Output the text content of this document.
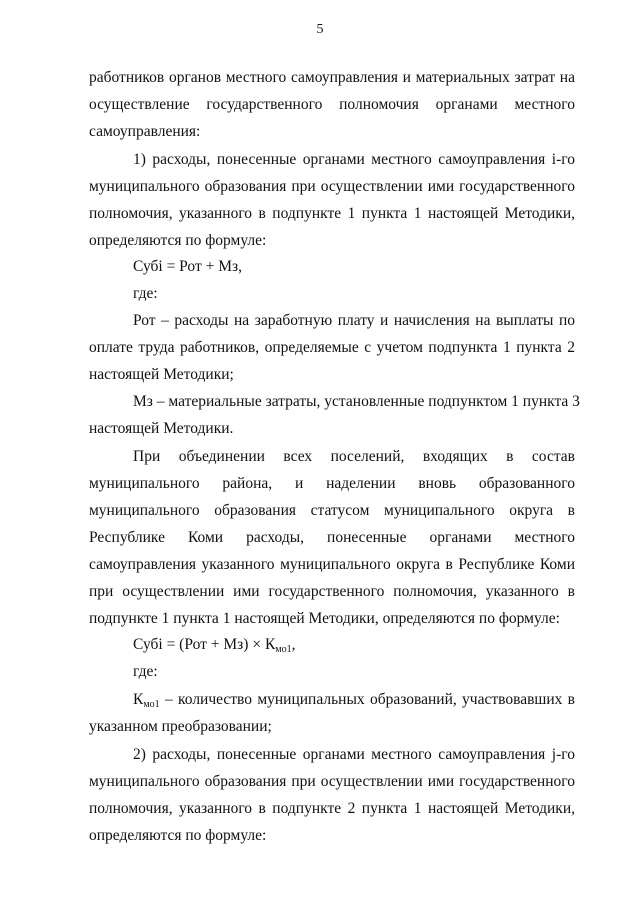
5
работников органов местного самоуправления и материальных затрат на
осуществление государственного полномочия органами местного
самоуправления:
1) расходы, понесенные органами местного самоуправления i-го
муниципального образования при осуществлении ими государственного
полномочия, указанного в подпункте 1 пункта 1 настоящей Методики,
определяются по формуле:
Субi = Рот + Мз,
где:
Рот – расходы на заработную плату и начисления на выплаты по
оплате труда работников, определяемые с учетом подпункта 1 пункта 2
настоящей Методики;
Мз – материальные затраты, установленные подпунктом 1 пункта 3
настоящей Методики.
При объединении всех поселений, входящих в состав
муниципального района, и наделении вновь образованного
муниципального образования статусом муниципального округа в
Республике Коми расходы, понесенные органами местного
самоуправления указанного муниципального округа в Республике Коми
при осуществлении ими государственного полномочия, указанного в
подпункте 1 пункта 1 настоящей Методики, определяются по формуле:
Субi = $(Рот + Мз) \times К_{мо1}$,
где:
$К_{мо1}$ – количество муниципальных образований, участвовавших в
указанном преобразовании;
2) расходы, понесенные органами местного самоуправления j-го
муниципального образования при осуществлении ими государственного
полномочия, указанного в подпункте 2 пункта 1 настоящей Методики,
определяются по формуле:
